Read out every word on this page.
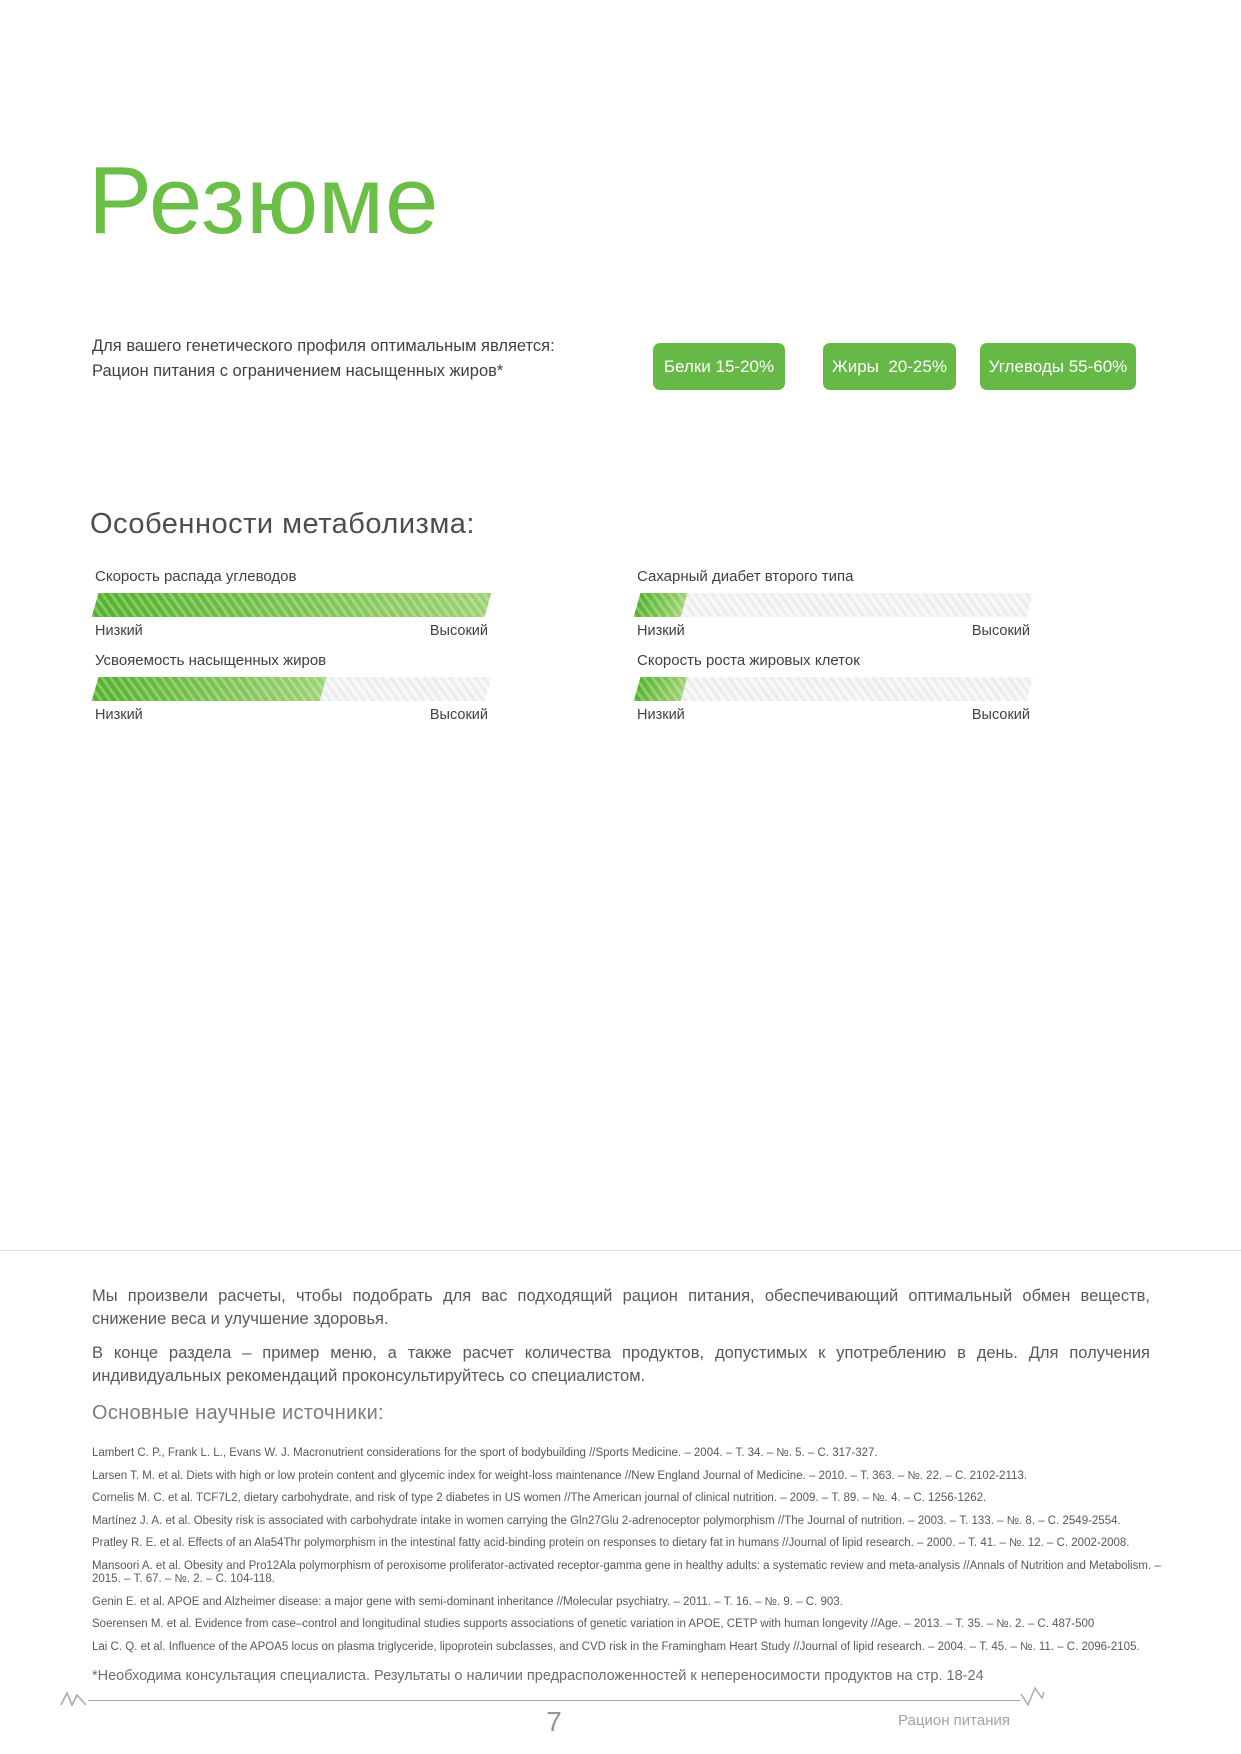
Резюме
Для вашего генетического профиля оптимальным является:
Рацион питания с ограничением насыщенных жиров*	Белки 15-20%	Жиры  20-25%	Углеводы 55-60%
Особенности метаболизма:
Скорость распада углеводов
Низкий	Высокий
Усвояемость насыщенных жиров
Низкий	Высокий
Сахарный диабет второго типа
Низкий	Высокий
Скорость роста жировых клеток
Низкий	Высокий

Мы произвели расчеты, чтобы подобрать для вас подходящий рацион питания, обеспечивающий оптимальный обмен веществ, снижение веса и улучшение здоровья.

В конце раздела – пример меню, а также расчет количества продуктов, допустимых к употреблению в день. Для получения индивидуальных рекомендаций проконсультируйтесь со специалистом.

Основные научные источники:
Lambert C. P., Frank L. L., Evans W. J. Macronutrient considerations for the sport of bodybuilding //Sports Medicine. – 2004. – Т. 34. – №. 5. – С. 317-327.
Larsen T. M. et al. Diets with high or low protein content and glycemic index for weight-loss maintenance //New England Journal of Medicine. – 2010. – Т. 363. – №. 22. – С. 2102-2113.
Cornelis M. C. et al. TCF7L2, dietary carbohydrate, and risk of type 2 diabetes in US women //The American journal of clinical nutrition. – 2009. – Т. 89. – №. 4. – С. 1256-1262.
Martínez J. A. et al. Obesity risk is associated with carbohydrate intake in women carrying the Gln27Glu 2-adrenoceptor polymorphism //The Journal of nutrition. – 2003. – Т. 133. – №. 8. – С. 2549-2554.
Pratley R. E. et al. Effects of an Ala54Thr polymorphism in the intestinal fatty acid-binding protein on responses to dietary fat in humans //Journal of lipid research. – 2000. – Т. 41. – №. 12. – С. 2002-2008.
Mansoori A. et al. Obesity and Pro12Ala polymorphism of peroxisome proliferator-activated receptor-gamma gene in healthy adults: a systematic review and meta-analysis //Annals of Nutrition and Metabolism. – 2015. – Т. 67. – №. 2. – С. 104-118.
Genin E. et al. APOE and Alzheimer disease: a major gene with semi-dominant inheritance //Molecular psychiatry. – 2011. – Т. 16. – №. 9. – С. 903.
Soerensen M. et al. Evidence from case–control and longitudinal studies supports associations of genetic variation in APOE, CETP with human longevity //Age. – 2013. – Т. 35. – №. 2. – С. 487-500
Lai C. Q. et al. Influence of the APOA5 locus on plasma triglyceride, lipoprotein subclasses, and CVD risk in the Framingham Heart Study //Journal of lipid research. – 2004. – Т. 45. – №. 11. – С. 2096-2105.

*Необходима консультация специалиста. Результаты о наличии предрасположенностей к непереносимости продуктов на стр. 18-24

7	Рацион питания
